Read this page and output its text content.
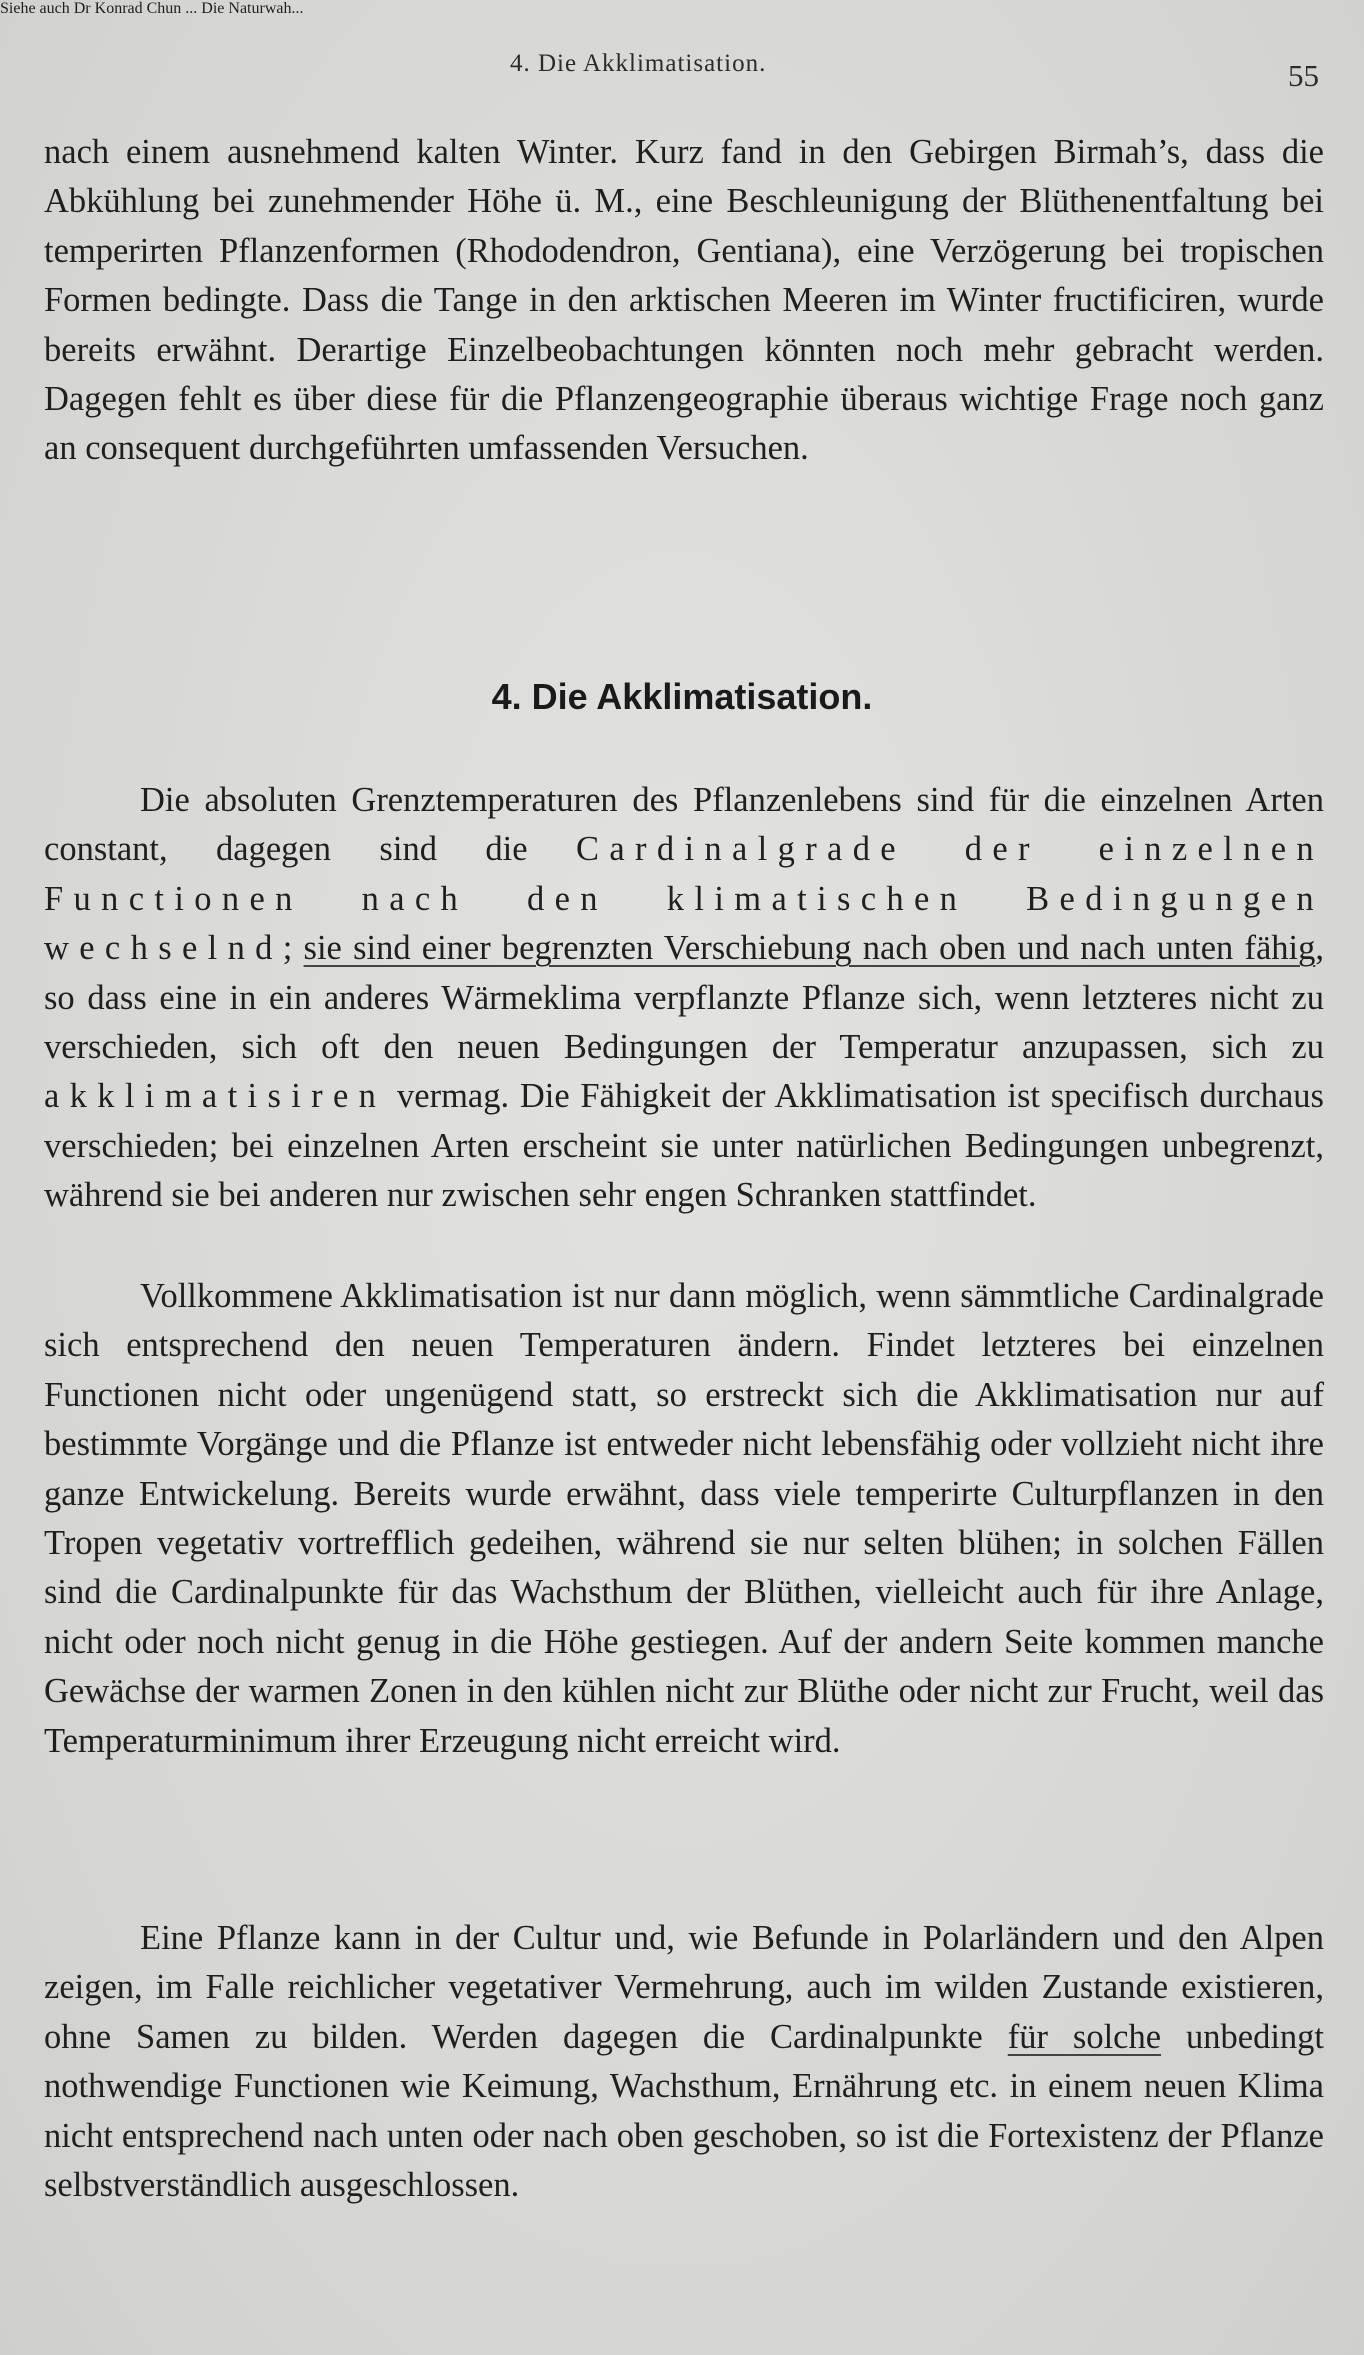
4. Die Akklimatisation.	55

nach einem ausnehmend kalten Winter. Kurz fand in den Gebirgen Birmah’s, dass die Abkühlung bei zunehmender Höhe ü. M., eine Beschleunigung der Blüthenentfaltung bei temperirten Pflanzenformen (Rhododendron, Gentiana), eine Verzögerung bei tropischen Formen bedingte. Dass die Tange in den arktischen Meeren im Winter fructificiren, wurde bereits erwähnt. Derartige Einzelbeobachtungen könnten noch mehr gebracht werden. Dagegen fehlt es über diese für die Pflanzengeographie überaus wichtige Frage noch ganz an consequent durchgeführten umfassenden Versuchen.

4. Die Akklimatisation.
Siehe auch Dr Konrad Chun ... Die Naturwah...

Die absoluten Grenztemperaturen des Pflanzenlebens sind für die einzelnen Arten constant, dagegen sind die Cardinalgrade der einzelnen Functionen nach den klimatischen Bedingungen wechselnd; sie sind einer begrenzten Verschiebung nach oben und nach unten fähig, so dass eine in ein anderes Wärmeklima verpflanzte Pflanze sich, wenn letzteres nicht zu verschieden, sich oft den neuen Bedingungen der Temperatur anzupassen, sich zu akklimatisiren vermag. Die Fähigkeit der Akklimatisation ist specifisch durchaus verschieden; bei einzelnen Arten erscheint sie unter natürlichen Bedingungen unbegrenzt, während sie bei anderen nur zwischen sehr engen Schranken stattfindet.

Vollkommene Akklimatisation ist nur dann möglich, wenn sämmtliche Cardinalgrade sich entsprechend den neuen Temperaturen ändern. Findet letzteres bei einzelnen Functionen nicht oder ungenügend statt, so erstreckt sich die Akklimatisation nur auf bestimmte Vorgänge und die Pflanze ist entweder nicht lebensfähig oder vollzieht nicht ihre ganze Entwickelung. Bereits wurde erwähnt, dass viele temperirte Culturpflanzen in den Tropen vegetativ vortrefflich gedeihen, während sie nur selten blühen; in solchen Fällen sind die Cardinalpunkte für das Wachsthum der Blüthen, vielleicht auch für ihre Anlage, nicht oder noch nicht genug in die Höhe gestiegen. Auf der andern Seite kommen manche Gewächse der warmen Zonen in den kühlen nicht zur Blüthe oder nicht zur Frucht, weil das Temperaturminimum ihrer Erzeugung nicht erreicht wird.

Eine Pflanze kann in der Cultur und, wie Befunde in Polarländern und den Alpen zeigen, im Falle reichlicher vegetativer Vermehrung, auch im wilden Zustande existieren, ohne Samen zu bilden. Werden dagegen die Cardinalpunkte für solche unbedingt nothwendige Functionen wie Keimung, Wachsthum, Ernährung etc. in einem neuen Klima nicht entsprechend nach unten oder nach oben geschoben, so ist die Fortexistenz der Pflanze selbstverständlich ausgeschlossen.
